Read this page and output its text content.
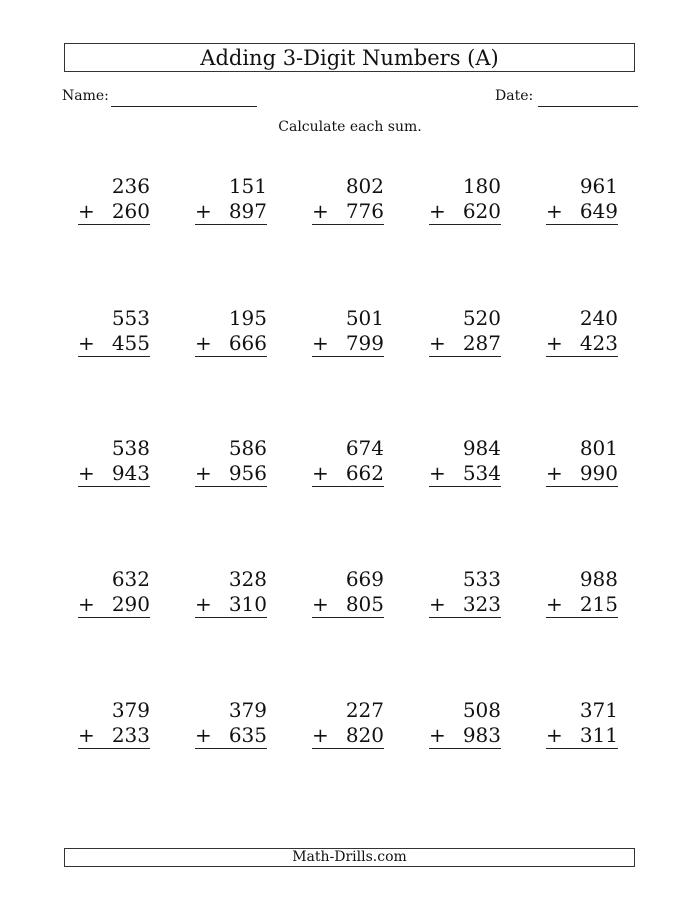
Adding 3-Digit Numbers (A)
Name:	Date:
Calculate each sum.
236
+ 260
151
+ 897
802
+ 776
180
+ 620
961
+ 649
553
+ 455
195
+ 666
501
+ 799
520
+ 287
240
+ 423
538
+ 943
586
+ 956
674
+ 662
984
+ 534
801
+ 990
632
+ 290
328
+ 310
669
+ 805
533
+ 323
988
+ 215
379
+ 233
379
+ 635
227
+ 820
508
+ 983
371
+ 311
Math-Drills.com
